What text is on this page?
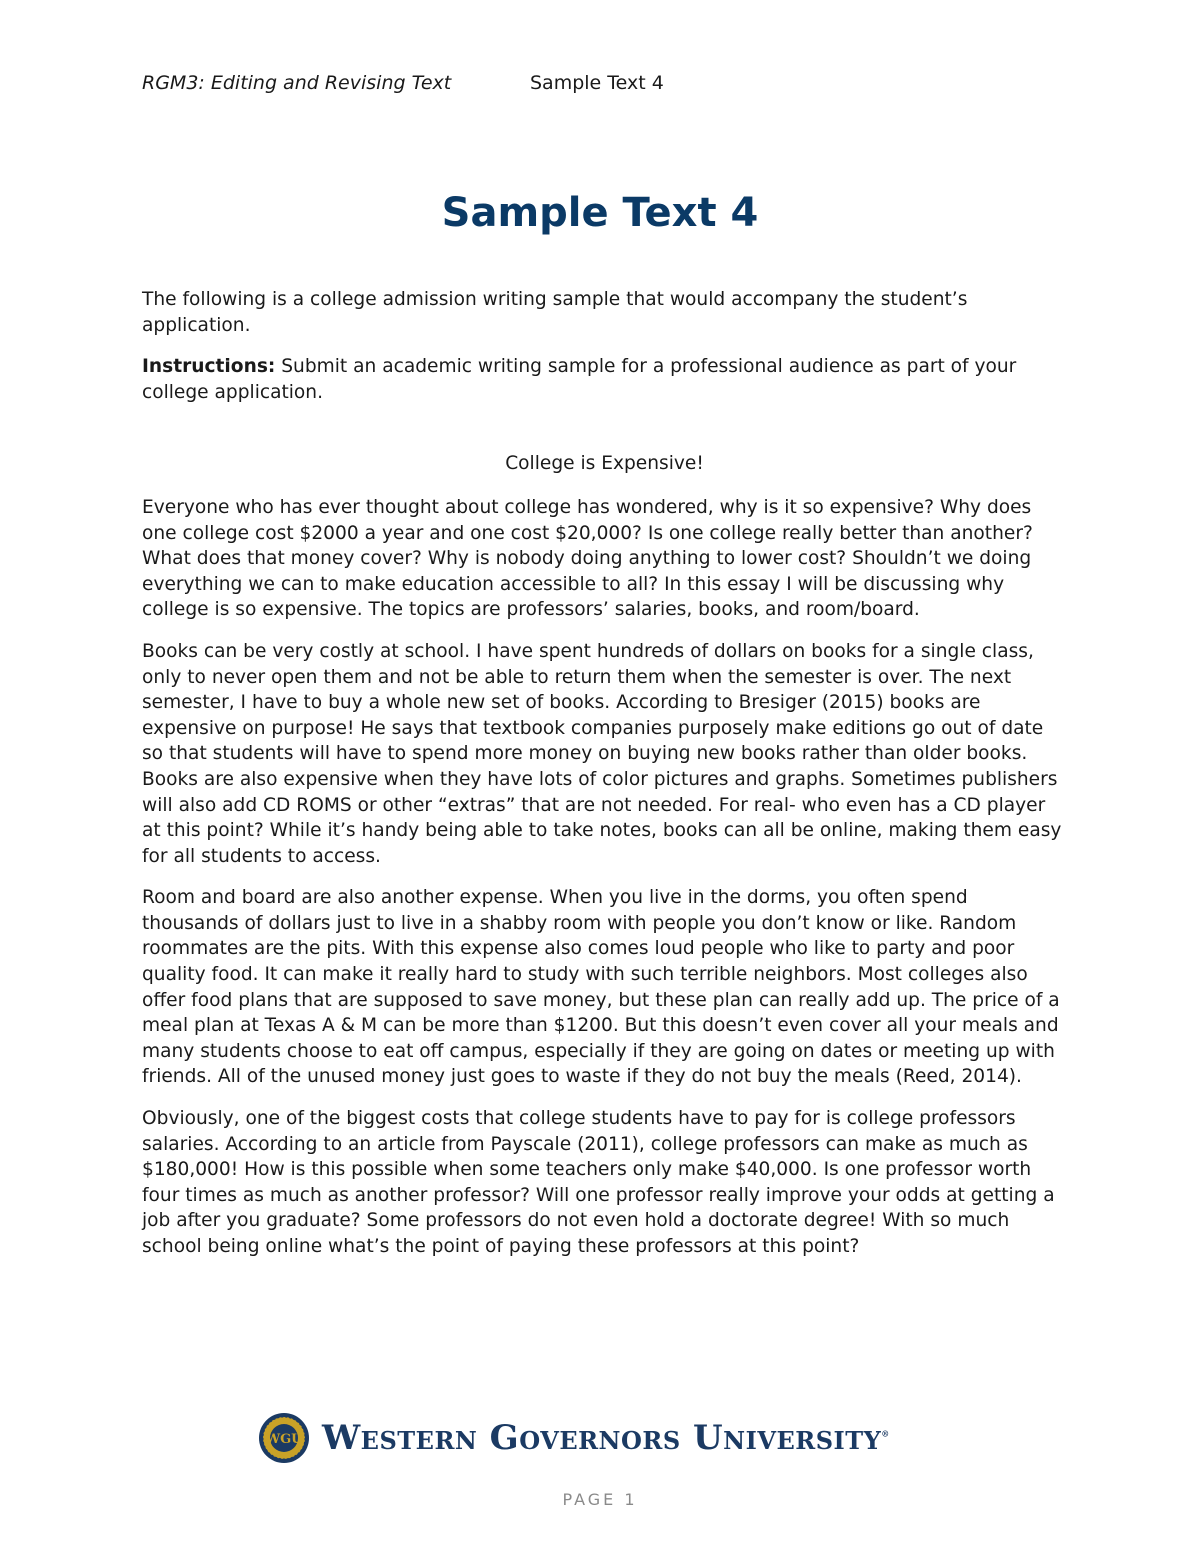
RGM3: Editing and Revising Text	Sample Text 4
Sample Text 4

The following is a college admission writing sample that would accompany the student’s application.

Instructions: Submit an academic writing sample for a professional audience as part of your college application.

College is Expensive!

Everyone who has ever thought about college has wondered, why is it so expensive? Why does one college cost $2000 a year and one cost $20,000? Is one college really better than another? What does that money cover? Why is nobody doing anything to lower cost? Shouldn’t we doing everything we can to make education accessible to all? In this essay I will be discussing why college is so expensive. The topics are professors’ salaries, books, and room/board.

Books can be very costly at school. I have spent hundreds of dollars on books for a single class, only to never open them and not be able to return them when the semester is over. The next semester, I have to buy a whole new set of books. According to Bresiger (2015) books are expensive on purpose! He says that textbook companies purposely make editions go out of date so that students will have to spend more money on buying new books rather than older books. Books are also expensive when they have lots of color pictures and graphs. Sometimes publishers will also add CD ROMS or other “extras” that are not needed. For real- who even has a CD player at this point? While it’s handy being able to take notes, books can all be online, making them easy for all students to access.

Room and board are also another expense. When you live in the dorms, you often spend thousands of dollars just to live in a shabby room with people you don’t know or like. Random roommates are the pits. With this expense also comes loud people who like to party and poor quality food. It can make it really hard to study with such terrible neighbors. Most colleges also offer food plans that are supposed to save money, but these plan can really add up. The price of a meal plan at Texas A & M can be more than $1200. But this doesn’t even cover all your meals and many students choose to eat off campus, especially if they are going on dates or meeting up with friends. All of the unused money just goes to waste if they do not buy the meals (Reed, 2014).

Obviously, one of the biggest costs that college students have to pay for is college professors salaries. According to an article from Payscale (2011), college professors can make as much as $180,000! How is this possible when some teachers only make $40,000. Is one professor worth four times as much as another professor? Will one professor really improve your odds at getting a job after you graduate? Some professors do not even hold a doctorate degree! With so much school being online what’s the point of paying these professors at this point?

WGU Western Governors University®
PAGE 1
